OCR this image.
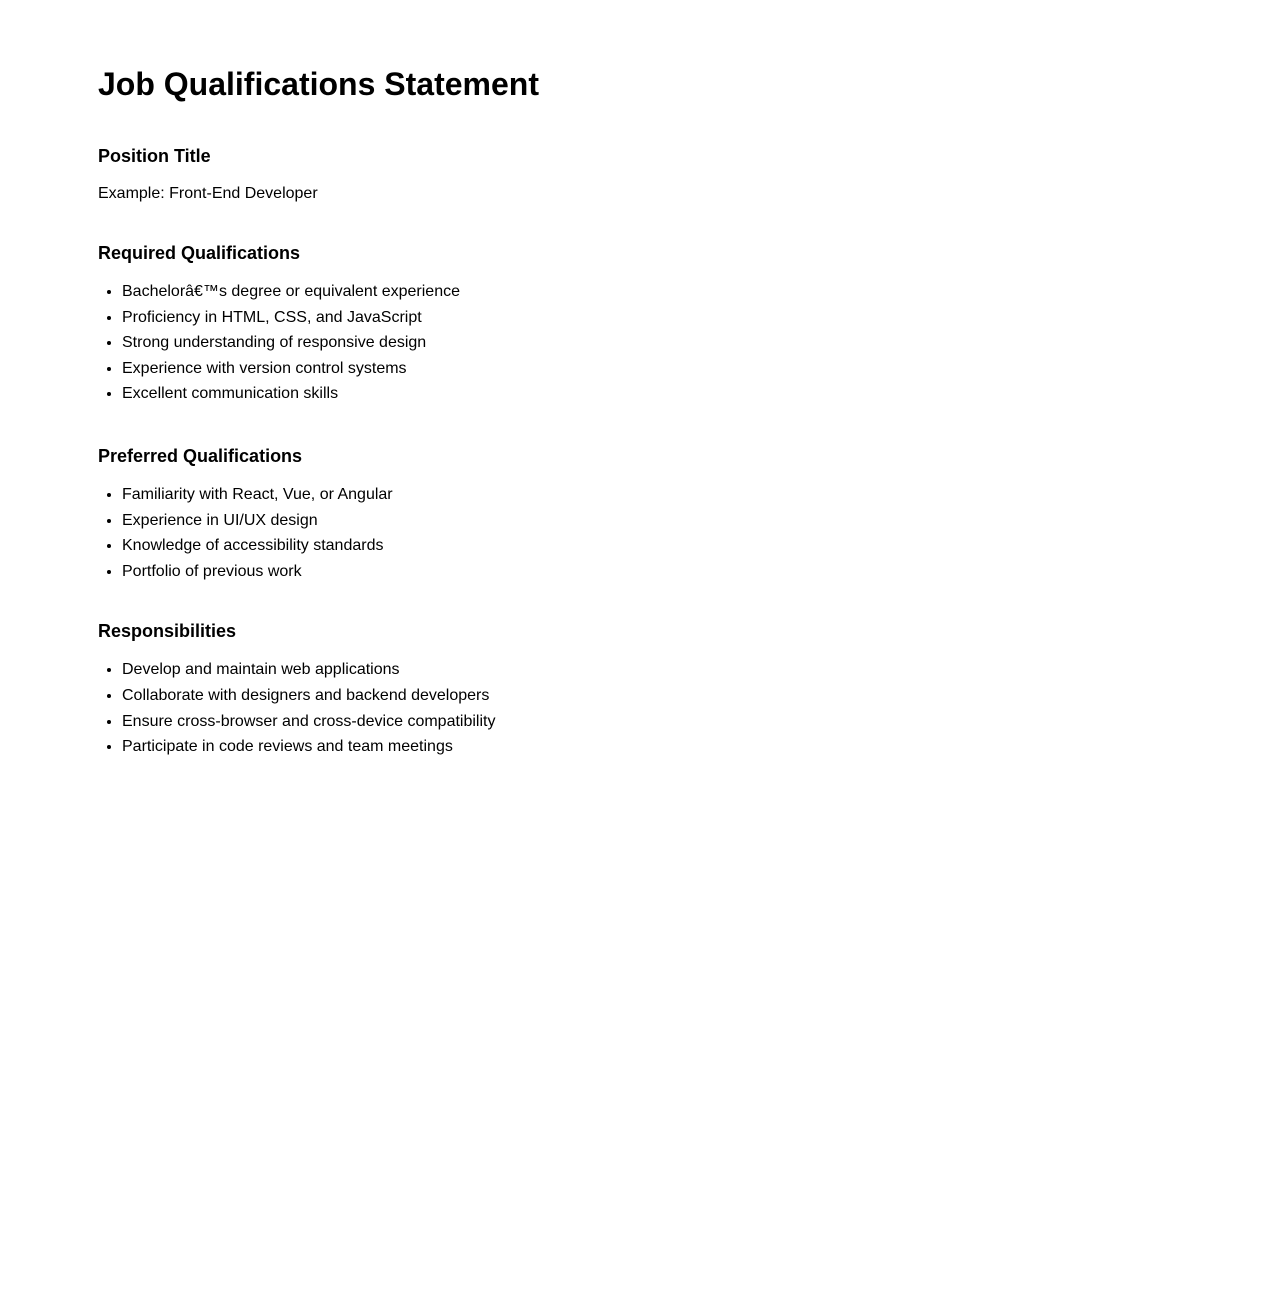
Job Qualifications Statement
Position Title

Example: Front-End Developer

Required Qualifications
• Bachelorâ€™s degree or equivalent experience
• Proficiency in HTML, CSS, and JavaScript
• Strong understanding of responsive design
• Experience with version control systems
• Excellent communication skills
Preferred Qualifications
• Familiarity with React, Vue, or Angular
• Experience in UI/UX design
• Knowledge of accessibility standards
• Portfolio of previous work
Responsibilities
• Develop and maintain web applications
• Collaborate with designers and backend developers
• Ensure cross-browser and cross-device compatibility
• Participate in code reviews and team meetings
